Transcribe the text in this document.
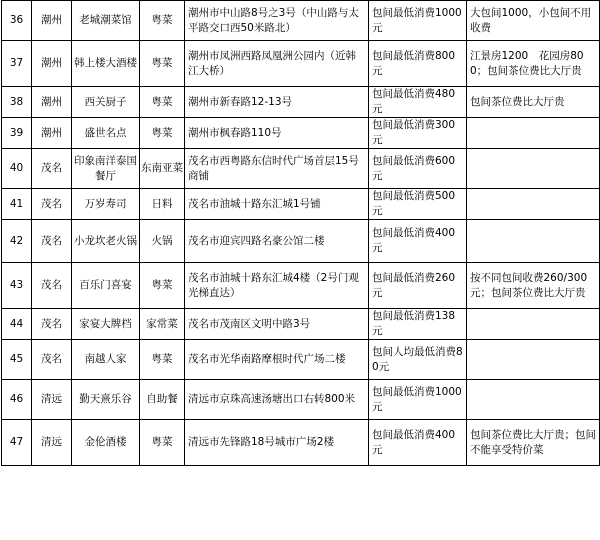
36	潮州	老城潮菜馆	粤菜	潮州市中山路8号之3号（中山路与太平路交口西50米路北）	包间最低消费1000元	大包间1000，小包间不用收费
37	潮州	韩上楼大酒楼	粤菜	潮州市凤洲西路凤凰洲公园内（近韩江大桥）	包间最低消费800元	江景房1200　花园房800；包间茶位费比大厅贵
38	潮州	西关厨子	粤菜	潮州市新春路12-13号	包间最低消费480元	包间茶位费比大厅贵
39	潮州	盛世名点	粤菜	潮州市枫春路110号	包间最低消费300元	
40	茂名	印象南洋泰国餐厅	东南亚菜	茂名市西粤路东信时代广场首层15号商铺	包间最低消费600元	
41	茂名	万岁寿司	日料	茂名市油城十路东汇城1号铺	包间最低消费500元	
42	茂名	小龙坎老火锅	火锅	茂名市迎宾四路名豪公馆二楼	包间最低消费400元	
43	茂名	百乐门喜宴	粤菜	茂名市油城十路东汇城4楼（2号门观光梯直达）	包间最低消费260元	按不同包间收费260/300元；包间茶位费比大厅贵
44	茂名	家宴大牌档	家常菜	茂名市茂南区文明中路3号	包间最低消费138元	
45	茂名	南越人家	粤菜	茂名市光华南路摩根时代广场二楼	包间人均最低消费80元	
46	清远	勤天熹乐谷	自助餐	清远市京珠高速汤塘出口右转800米	包间最低消费1000元	
47	清远	金伦酒楼	粤菜	清远市先锋路18号城市广场2楼	包间最低消费400元	包间茶位费比大厅贵；包间不能享受特价菜
